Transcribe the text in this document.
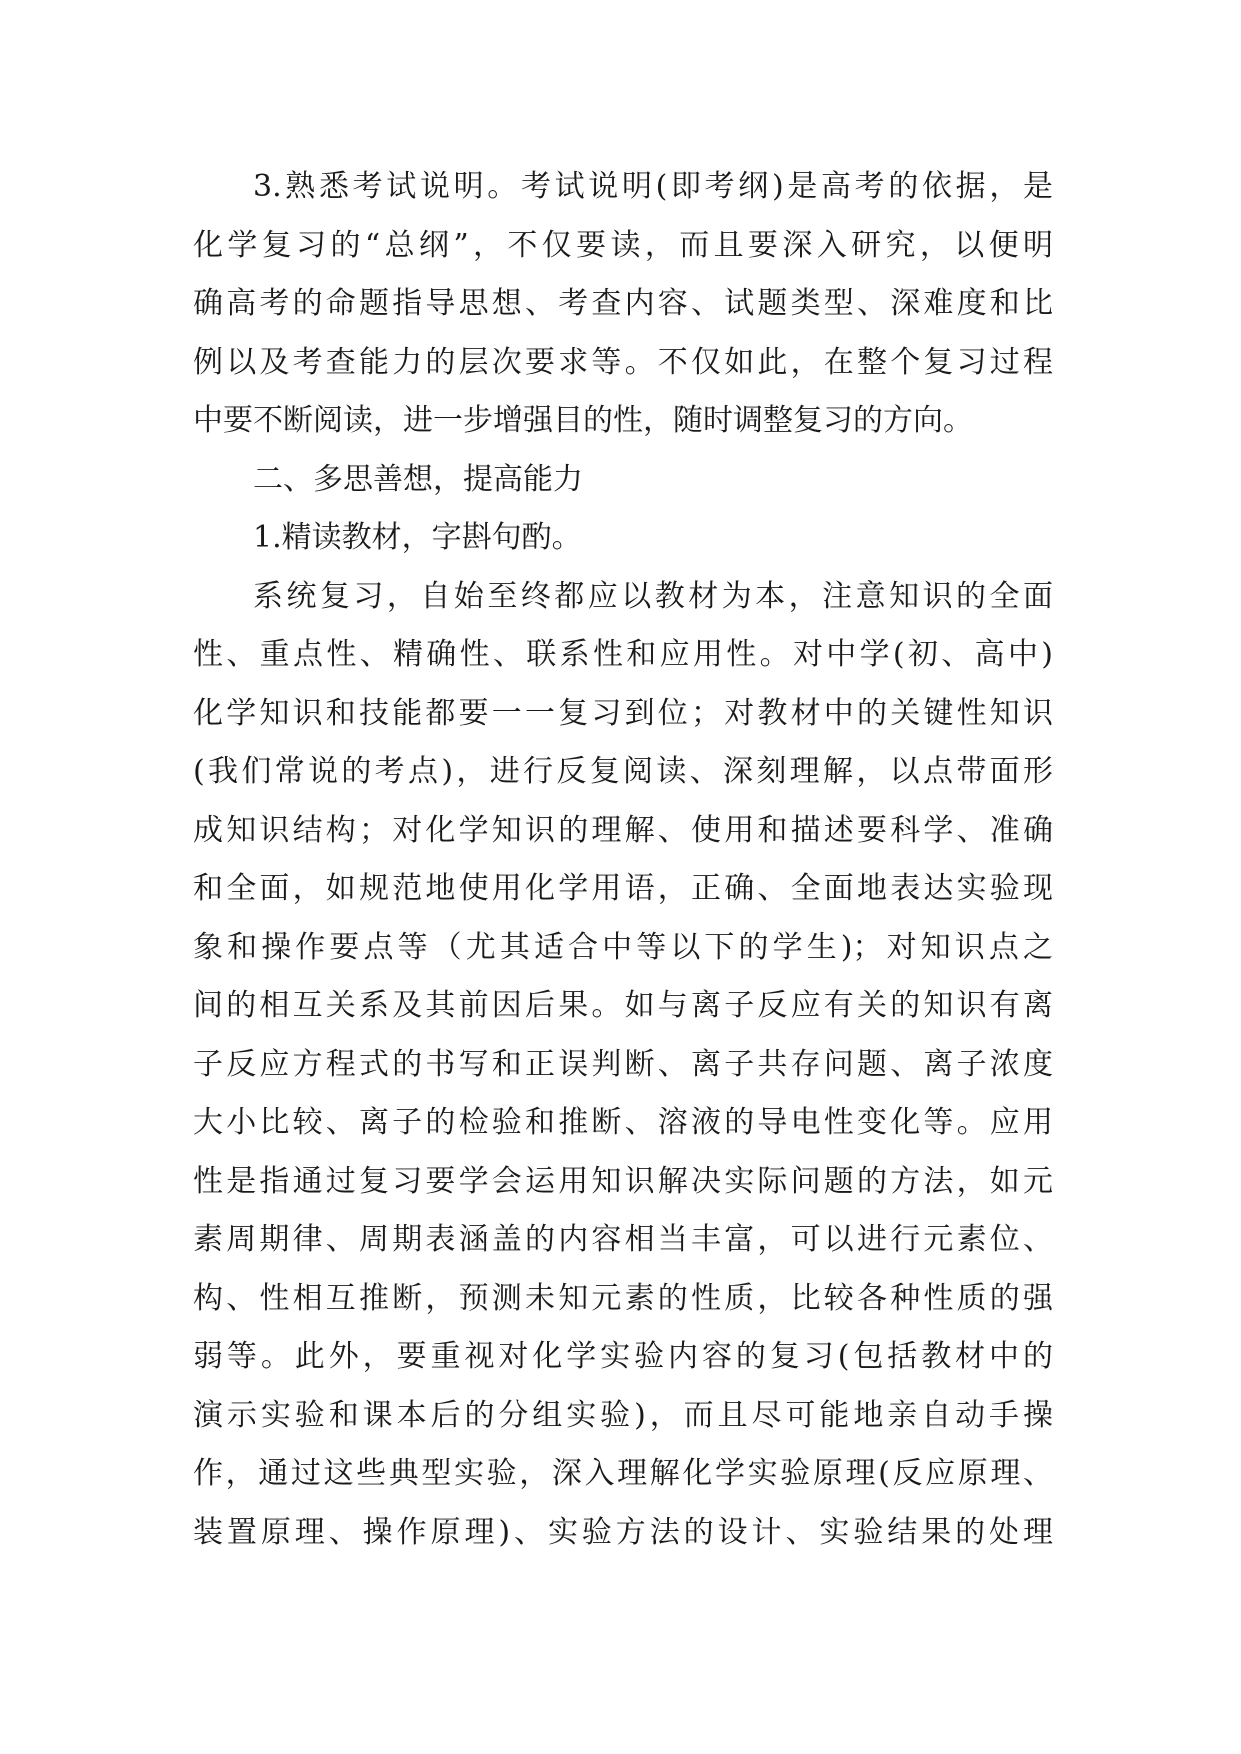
3.熟悉考试说明。考试说明(即考纲)是高考的依据，是
化学复习的“总纲”，不仅要读，而且要深入研究，以便明
确高考的命题指导思想、考查内容、试题类型、深难度和比
例以及考查能力的层次要求等。不仅如此，在整个复习过程
中要不断阅读，进一步增强目的性，随时调整复习的方向。
二、多思善想，提高能力
1.精读教材，字斟句酌。
系统复习，自始至终都应以教材为本，注意知识的全面
性、重点性、精确性、联系性和应用性。对中学(初、高中)
化学知识和技能都要一一复习到位；对教材中的关键性知识
(我们常说的考点)，进行反复阅读、深刻理解，以点带面形
成知识结构；对化学知识的理解、使用和描述要科学、准确
和全面，如规范地使用化学用语，正确、全面地表达实验现
象和操作要点等（尤其适合中等以下的学生)；对知识点之
间的相互关系及其前因后果。如与离子反应有关的知识有离
子反应方程式的书写和正误判断、离子共存问题、离子浓度
大小比较、离子的检验和推断、溶液的导电性变化等。应用
性是指通过复习要学会运用知识解决实际问题的方法，如元
素周期律、周期表涵盖的内容相当丰富，可以进行元素位、
构、性相互推断，预测未知元素的性质，比较各种性质的强
弱等。此外，要重视对化学实验内容的复习(包括教材中的
演示实验和课本后的分组实验)，而且尽可能地亲自动手操
作，通过这些典型实验，深入理解化学实验原理(反应原理、
装置原理、操作原理)、实验方法的设计、实验结果的处理
